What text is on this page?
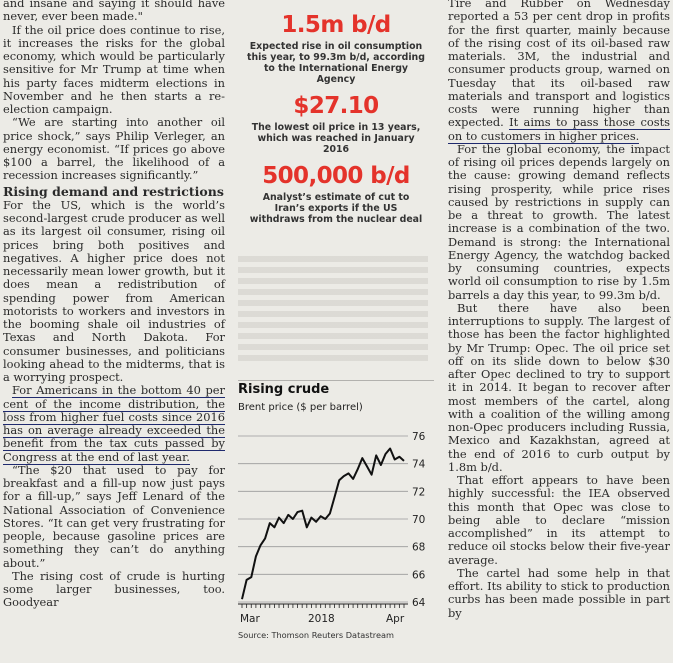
and insane and saying it should have never, ever been made."

If the oil price does continue to rise, it increases the risks for the global economy, which would be particularly sensitive for Mr Trump at time when his party faces midterm elections in November and he then starts a re-election campaign.

“We are starting into another oil price shock,” says Philip Verleger, an energy economist. “If prices go above $100 a barrel, the likelihood of a recession increases significantly.”

Rising demand and restrictions

For the US, which is the world’s second-largest crude producer as well as its largest oil consumer, rising oil prices bring both positives and negatives. A higher price does not necessarily mean lower growth, but it does mean a redistribution of spending power from American motorists to workers and investors in the booming shale oil industries of Texas and North Dakota. For consumer businesses, and politicians looking ahead to the midterms, that is a worrying prospect.

For Americans in the bottom 40 per cent of the income distribution, the loss from higher fuel costs since 2016 has on average already exceeded the benefit from the tax cuts passed by Congress at the end of last year.

“The $20 that used to pay for breakfast and a fill-up now just pays for a fill-up,” says Jeff Lenard of the National Association of Convenience Stores. “It can get very frustrating for people, because gasoline prices are something they can’t do anything about.”

The rising cost of crude is hurting some larger businesses, too. Goodyear

1.5m b/d
Expected rise in oil consumption this year, to 99.3m b/d, according to the International Energy Agency
$27.10
The lowest oil price in 13 years, which was reached in January 2016
500,000 b/d
Analyst’s estimate of cut to Iran’s exports if the US withdraws from the nuclear deal
Rising crude
Brent price ($ per barrel)
64
66
68
70
72
74
76
Mar	2018	Apr
Source: Thomson Reuters Datastream

Tire and Rubber on Wednesday reported a 53 per cent drop in profits for the first quarter, mainly because of the rising cost of its oil-based raw materials. 3M, the industrial and consumer products group, warned on Tuesday that its oil-based raw materials and transport and logistics costs were running higher than expected. It aims to pass those costs on to customers in higher prices.

For the global economy, the impact of rising oil prices depends largely on the cause: growing demand reflects rising prosperity, while price rises caused by restrictions in supply can be a threat to growth. The latest increase is a combination of the two. Demand is strong: the International Energy Agency, the watchdog backed by consuming countries, expects world oil consumption to rise by 1.5m barrels a day this year, to 99.3m b/d.

But there have also been interruptions to supply. The largest of those has been the factor highlighted by Mr Trump: Opec. The oil price set off on its slide down to below $30 after Opec declined to try to support it in 2014. It began to recover after most members of the cartel, along with a coalition of the willing among non-Opec producers including Russia, Mexico and Kazakhstan, agreed at the end of 2016 to curb output by 1.8m b/d.

That effort appears to have been highly successful: the IEA observed this month that Opec was close to being able to declare “mission accomplished” in its attempt to reduce oil stocks below their five-year average.

The cartel had some help in that effort. Its ability to stick to production curbs has been made possible in part by
